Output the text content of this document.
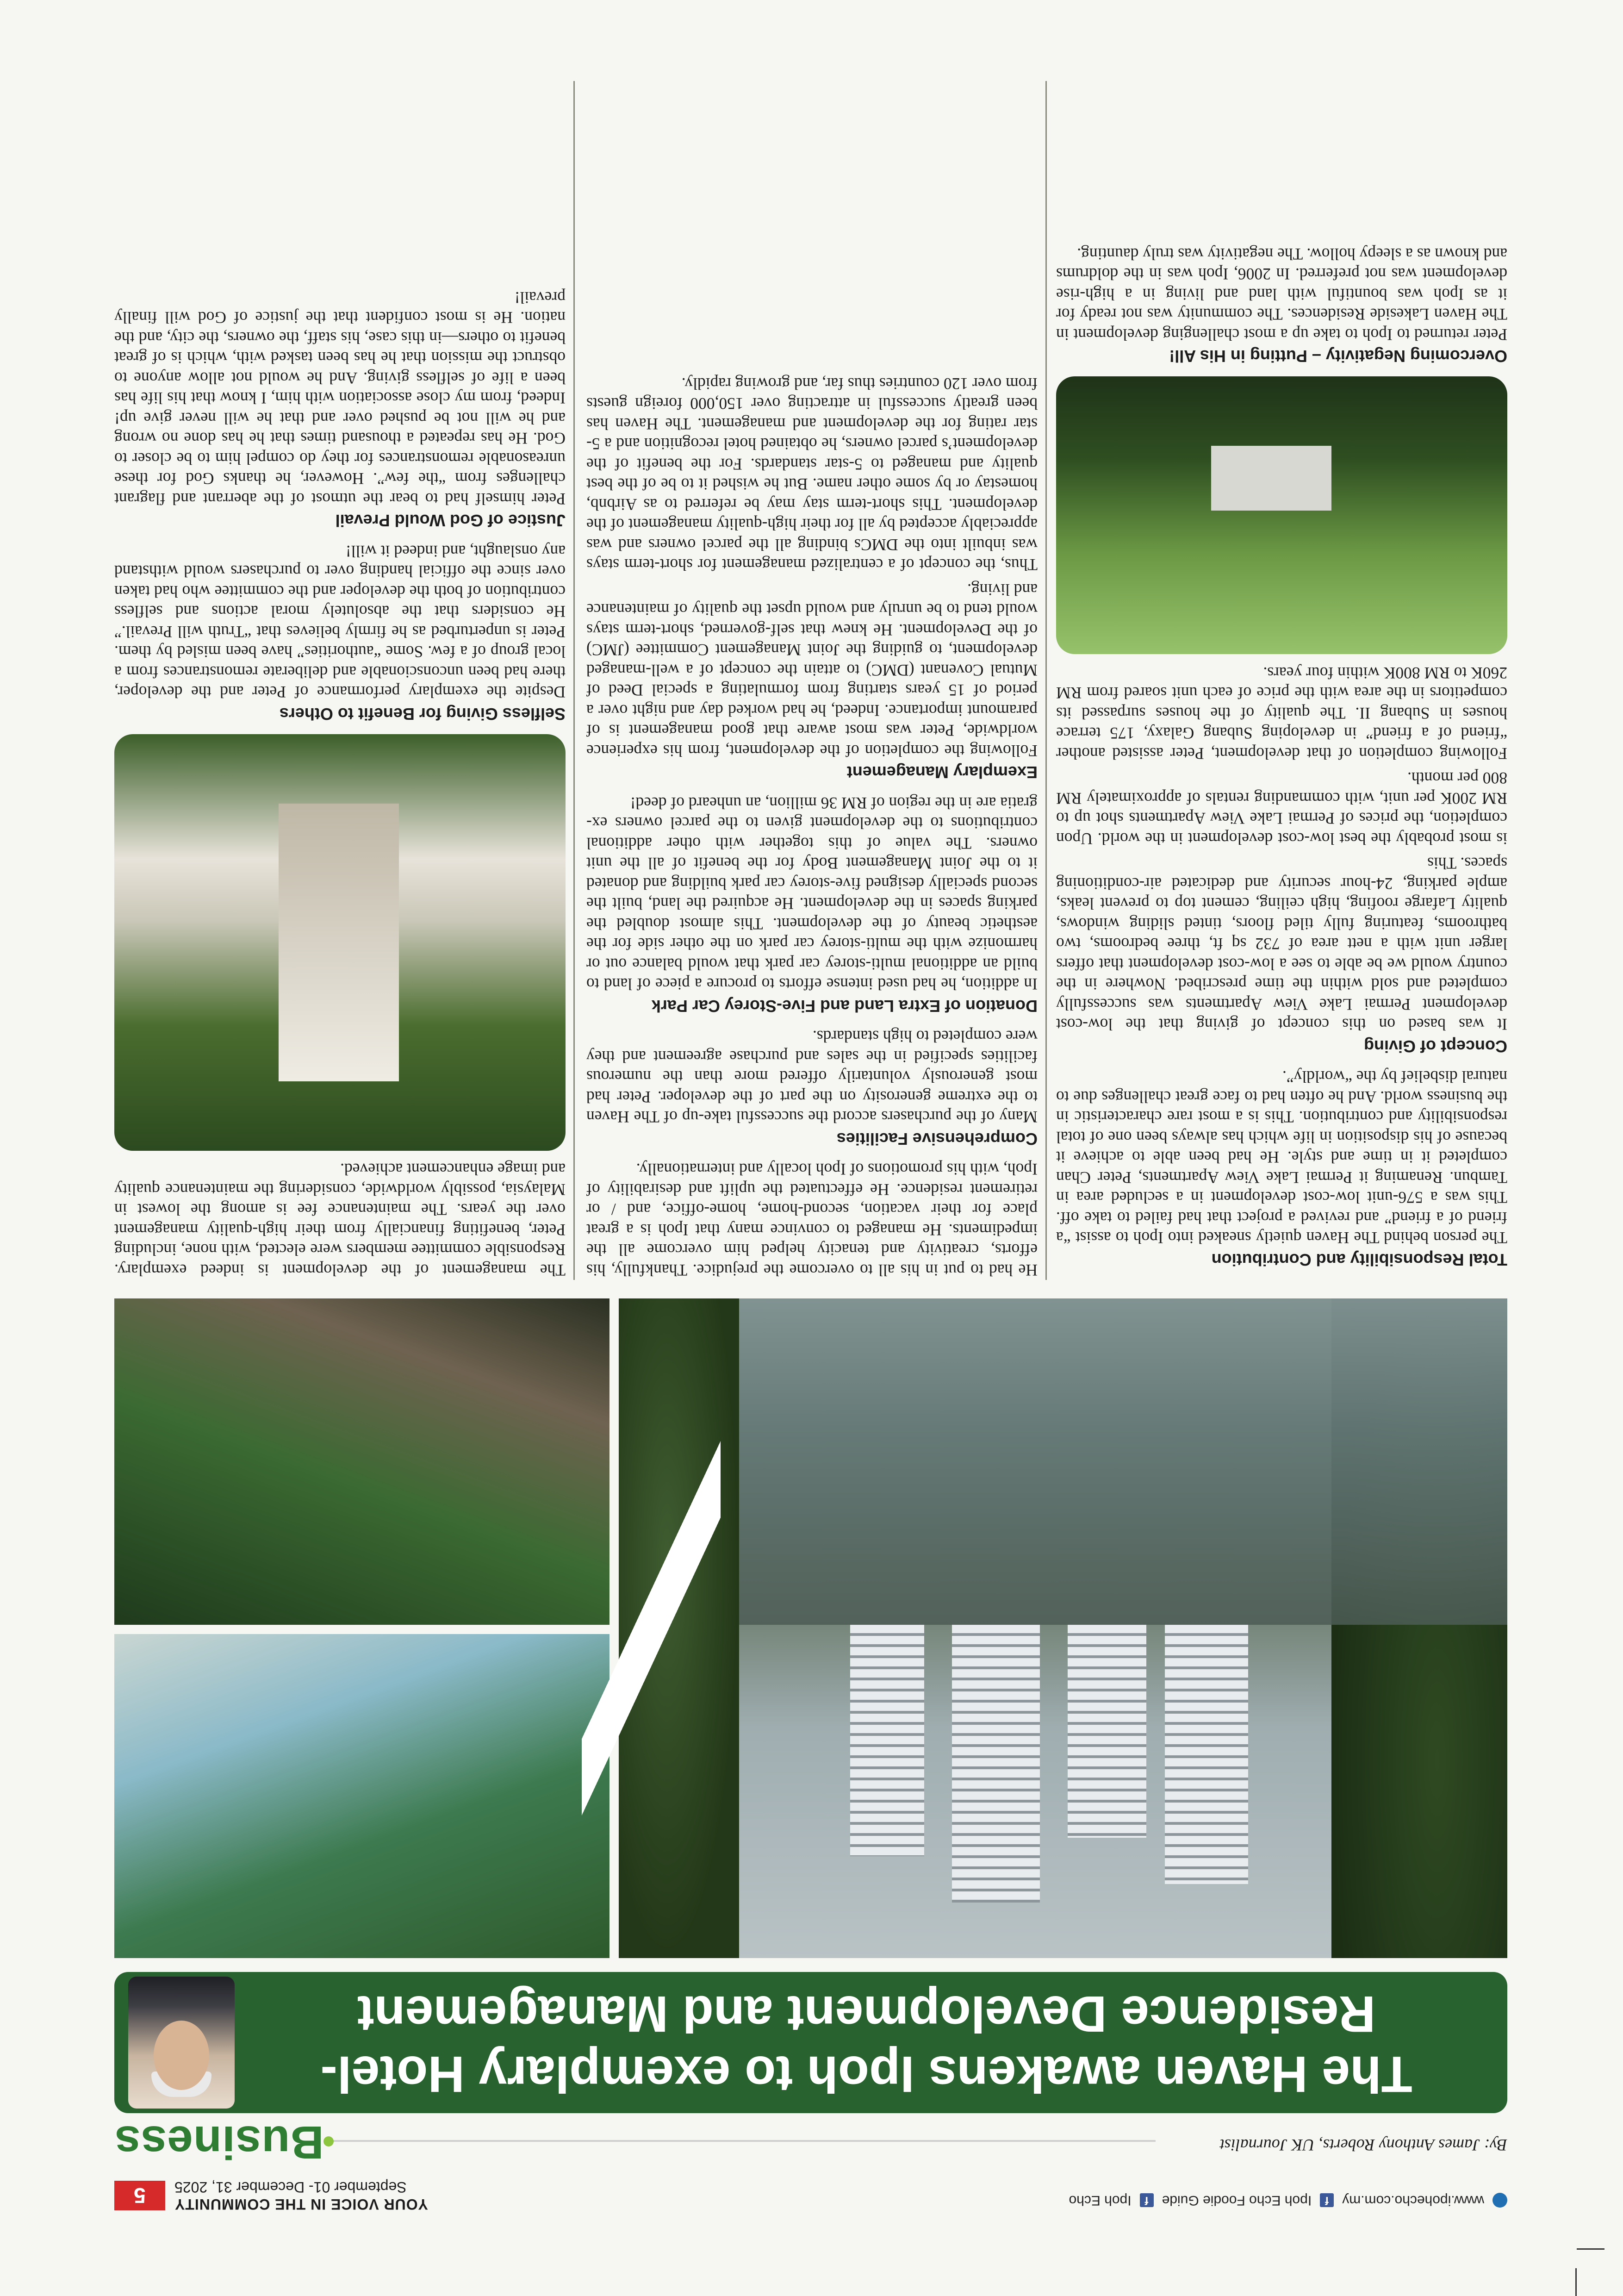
www.ipohecho.com.my
f
Ipoh Echo Foodie Guide
f
Ipoh Echo
YOUR VOICE IN THE COMMUNITY
September 01- December 31, 2025
5
By: James Anthony Roberts, UK Journalist
Business
The Haven awakens Ipoh to exemplary Hotel-Residence Development and Management
Total Responsibility and Contribution

The person behind The Haven quietly sneaked into Ipoh to assist “a friend of a friend” and revived a project that had failed to take off. This was a 576-unit low-cost development in a secluded area in Tambun. Renaming it Permai Lake View Apartments, Peter Chan completed it in time and style. He had been able to achieve it because of his disposition in life which has always been one of total responsibility and contribution. This is a most rare characteristic in the business world. And he often had to face great challenges due to natural disbelief by the “worldly”.

Concept of Giving

It was based on this concept of giving that the low-cost development Permai Lake View Apartments was successfully completed and sold within the time prescribed. Nowhere in the country would we be able to see a low-cost development that offers larger unit with a nett area of 732 sq ft, three bedrooms, two bathrooms, featuring fully tiled floors, tinted sliding windows, quality Lafarge roofing, high ceiling, cement top to prevent leaks, ample parking, 24-hour security and dedicated air-conditioning spaces. This

is most probably the best low-cost development in the world. Upon completion, the prices of Permai Lake View Apartments shot up to RM 200K per unit, with commanding rentals of approximately RM 800 per month.

Following completion of that development, Peter assisted another “friend of a friend” in developing Subang Galaxy, 175 terrace houses in Subang II. The quality of the houses surpassed its competitors in the area with the price of each unit soared from RM 260K to RM 800K within four years.

Overcoming Negativity – Putting in His All!

Peter returned to Ipoh to take up a most challenging development in The Haven Lakeside Residences. The community was not ready for it as Ipoh was bountiful with land and living in a high-rise development was not preferred. In 2006, Ipoh was in the doldrums and known as a sleepy hollow. The negativity was truly daunting.

He had to put in his all to overcome the prejudice. Thankfully, his efforts, creativity and tenacity helped him overcome all the impediments. He managed to convince many that Ipoh is a great place for their vacation, second-home, home-office, and / or retirement residence. He effectuated the uplift and desirability of Ipoh, with his promotions of Ipoh locally and internationally.

Comprehensive Facilities

Many of the purchasers accord the successful take-up of The Haven to the extreme generosity on the part of the developer. Peter had most generously voluntarily offered more than the numerous facilities specified in the sales and purchase agreement and they were completed to high standards.

Donation of Extra Land and Five-Storey Car Park

In addition, he had used intense efforts to procure a piece of land to build an additional multi-storey car park that would balance out or harmonize with the multi-storey car park on the other side for the aesthetic beauty of the development. This almost doubled the parking spaces in the development. He acquired the land, built the second specially designed five-storey car park building and donated it to the Joint Management Body for the benefit of all the unit owners. The value of this together with other additional contributions to the development given to the parcel owners ex-gratia are in the region of RM 36 million, an unheard of deed!

Exemplary Management

Following the completion of the development, from his experience worldwide, Peter was most aware that good management is of paramount importance. Indeed, he had worked day and night over a period of 15 years starting from formulating a special Deed of Mutual Covenant (DMC) to attain the concept of a well-managed development, to guiding the Joint Management Committee (JMC) of the Development. He knew that self-governed, short-term stays would tend to be unruly and would upset the quality of maintenance and living.

Thus, the concept of a centralized management for short-term stays was inbuilt into the DMCs binding all the parcel owners and was appreciably accepted by all for their high-quality management of the development. This short-term stay may be referred to as Airbnb, homestay or by some other name. But he wished it to be of the best quality and managed to 5-star standards. For the benefit of the development’s parcel owners, he obtained hotel recognition and a 5-star rating for the development and management. The Haven has been greatly successful in attracting over 150,000 foreign guests from over 120 countries thus far, and growing rapidly.

The management of the development is indeed exemplary. Responsible committee members were elected, with none, including Peter, benefiting financially from their high-quality management over the years. The maintenance fee is among the lowest in Malaysia, possibly worldwide, considering the maintenance quality and image enhancement achieved.

Selfless Giving for Benefit to Others

Despite the exemplary performance of Peter and the developer, there had been unconscionable and deliberate remonstrances from a local group of a few. Some “authorities” have been misled by them. Peter is unperturbed as he firmly believes that “Truth will Prevail.” He considers that the absolutely moral actions and selfless contribution of both the developer and the committee who had taken over since the official handing over to purchasers would withstand any onslaught, and indeed it will!

Justice of God Would Prevail

Peter himself had to bear the utmost of the aberrant and flagrant challenges from “the few”. However, he thanks God for these unreasonable remonstrances for they do compel him to be closer to God. He has repeated a thousand times that he has done no wrong and he will not be pushed over and that he will never give up! Indeed, from my close association with him, I know that his life has been a life of selfless giving. And he would not allow anyone to obstruct the mission that he has been tasked with, which is of great benefit to others—in this case, his staff, the owners, the city, and the nation. He is most confident that the justice of God will finally prevail!
